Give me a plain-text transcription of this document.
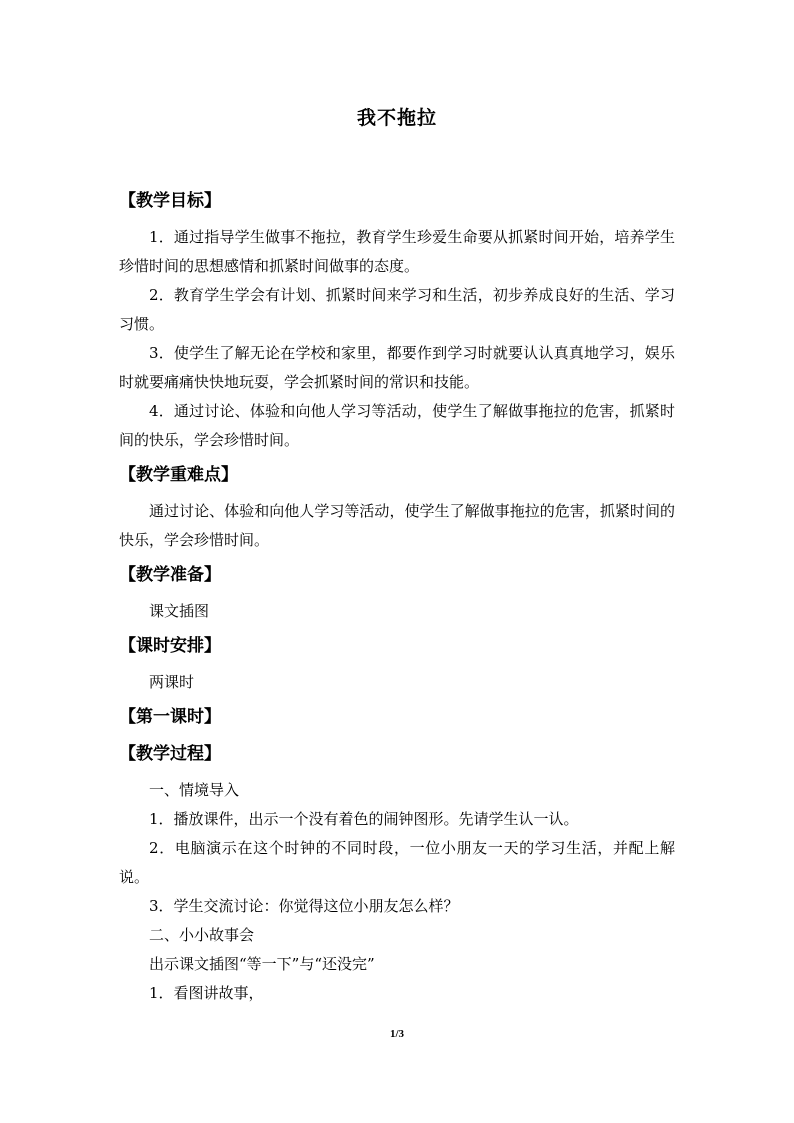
我不拖拉
【教学目标】

1．通过指导学生做事不拖拉，教育学生珍爱生命要从抓紧时间开始，培养学生珍惜时间的思想感情和抓紧时间做事的态度。

2．教育学生学会有计划、抓紧时间来学习和生活，初步养成良好的生活、学习习惯。

3．使学生了解无论在学校和家里，都要作到学习时就要认认真真地学习，娱乐时就要痛痛快快地玩耍，学会抓紧时间的常识和技能。

4．通过讨论、体验和向他人学习等活动，使学生了解做事拖拉的危害，抓紧时间的快乐，学会珍惜时间。

【教学重难点】

通过讨论、体验和向他人学习等活动，使学生了解做事拖拉的危害，抓紧时间的快乐，学会珍惜时间。

【教学准备】

课文插图

【课时安排】

两课时

【第一课时】
【教学过程】

一、情境导入

1．播放课件，出示一个没有着色的闹钟图形。先请学生认一认。

2．电脑演示在这个时钟的不同时段，一位小朋友一天的学习生活，并配上解说。

3．学生交流讨论：你觉得这位小朋友怎么样？

二、小小故事会

出示课文插图“等一下”与“还没完”

1．看图讲故事，

1/3
